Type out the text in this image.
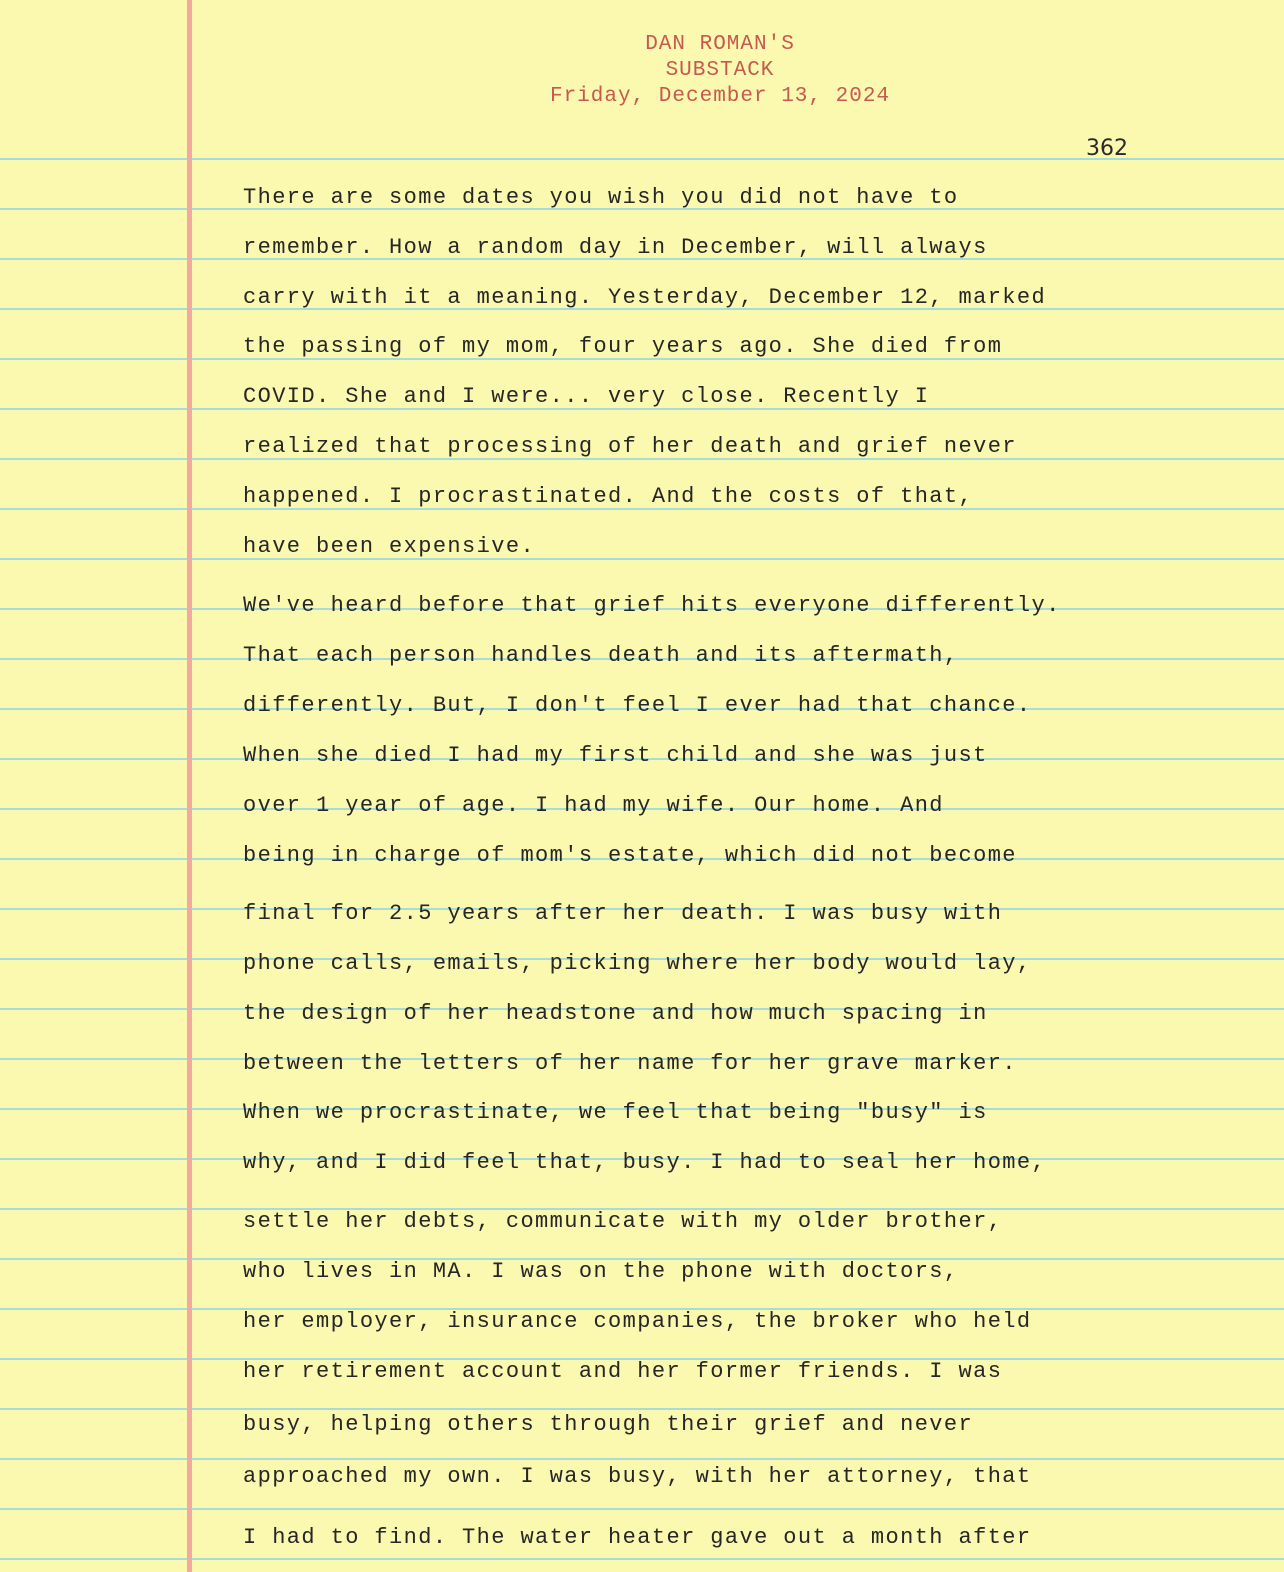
DAN ROMAN'S
SUBSTACK
Friday, December 13, 2024
362
There are some dates you wish you did not have to
remember. How a random day in December, will always
carry with it a meaning. Yesterday, December 12, marked
the passing of my mom, four years ago. She died from
COVID. She and I were... very close. Recently I
realized that processing of her death and grief never
happened. I procrastinated. And the costs of that,
have been expensive.
We've heard before that grief hits everyone differently.
That each person handles death and its aftermath,
differently. But, I don't feel I ever had that chance.
When she died I had my first child and she was just
over 1 year of age. I had my wife. Our home. And
being in charge of mom's estate, which did not become
final for 2.5 years after her death. I was busy with
phone calls, emails, picking where her body would lay,
the design of her headstone and how much spacing in
between the letters of her name for her grave marker.
When we procrastinate, we feel that being "busy" is
why, and I did feel that, busy. I had to seal her home,
settle her debts, communicate with my older brother,
who lives in MA. I was on the phone with doctors,
her employer, insurance companies, the broker who held
her retirement account and her former friends. I was
busy, helping others through their grief and never
approached my own. I was busy, with her attorney, that
I had to find. The water heater gave out a month after
